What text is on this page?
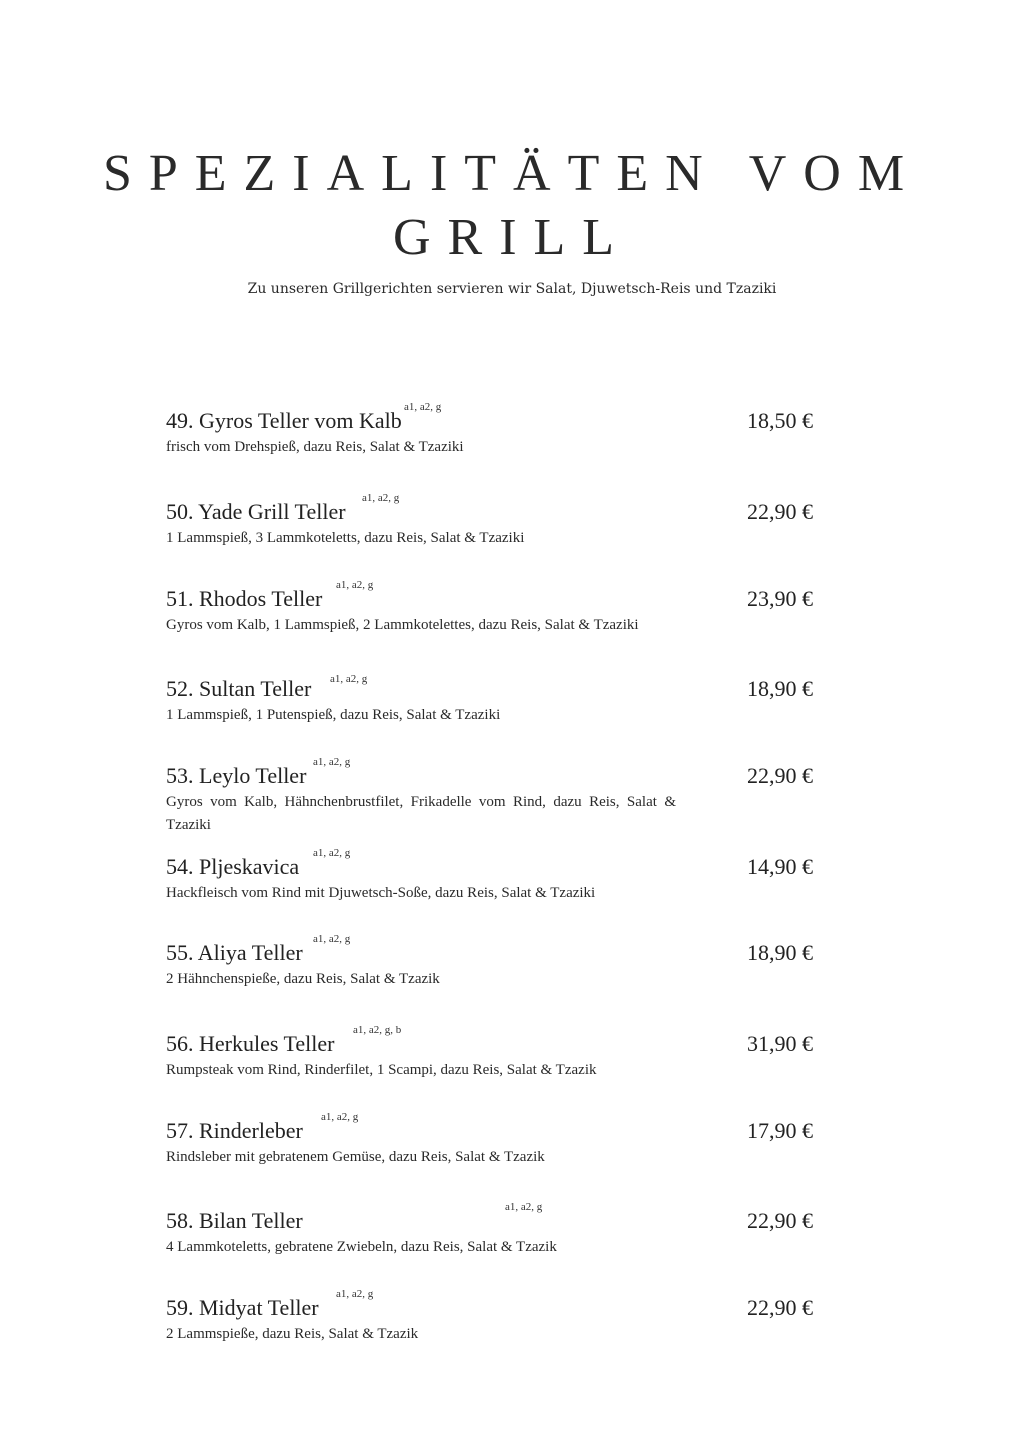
SPEZIALITÄTEN VOM
GRILL
Zu unseren Grillgerichten servieren wir Salat, Djuwetsch-Reis und Tzaziki
49. Gyros Teller vom Kalb
a1, a2, g
18,50 €
frisch vom Drehspieß, dazu Reis, Salat & Tzaziki
50. Yade Grill Teller
a1, a2, g
22,90 €
1 Lammspieß, 3 Lammkoteletts, dazu Reis, Salat & Tzaziki
51. Rhodos Teller
a1, a2, g
23,90 €
Gyros vom Kalb, 1 Lammspieß, 2 Lammkotelettes, dazu Reis, Salat & Tzaziki
52. Sultan Teller a1, a2, g	18,90 €
1 Lammspieß, 1 Putenspieß, dazu Reis, Salat & Tzaziki
53. Leylo Teller
a1, a2, g
22,90 €
Gyros vom Kalb, Hähnchenbrustfilet, Frikadelle vom Rind, dazu Reis, Salat & Tzaziki
54. Pljeskavica
a1, a2, g
14,90 €
Hackfleisch vom Rind mit Djuwetsch-Soße, dazu Reis, Salat & Tzaziki
55. Aliya Teller
a1, a2, g
18,90 €
2 Hähnchenspieße, dazu Reis, Salat & Tzazik
56. Herkules Teller
a1, a2, g, b
31,90 €
Rumpsteak vom Rind, Rinderfilet, 1 Scampi, dazu Reis, Salat & Tzazik
57. Rinderleber
a1, a2, g
17,90 €
Rindsleber mit gebratenem Gemüse, dazu Reis, Salat & Tzazik
58. Bilan Teller
a1, a2, g
22,90 €
4 Lammkoteletts, gebratene Zwiebeln, dazu Reis, Salat & Tzazik
59. Midyat Teller
a1, a2, g
22,90 €
2 Lammspieße, dazu Reis, Salat & Tzazik
